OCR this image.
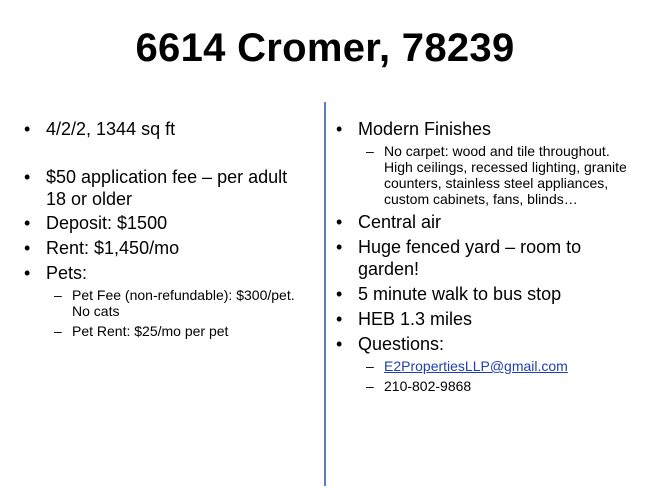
6614 Cromer, 78239
• 4/2/2, 1344 sq ft
• $50 application fee – per adult 18 or older
• Deposit: $1500
• Rent: $1,450/mo
• Pets:
– Pet Fee (non-refundable): $300/pet. No cats
– Pet Rent: $25/mo per pet
• Modern Finishes
– No carpet: wood and tile throughout. High ceilings, recessed lighting, granite counters, stainless steel appliances, custom cabinets, fans, blinds…
• Central air
• Huge fenced yard – room to garden!
• 5 minute walk to bus stop
• HEB 1.3 miles
• Questions:
– E2PropertiesLLP@gmail.com
– 210-802-9868
